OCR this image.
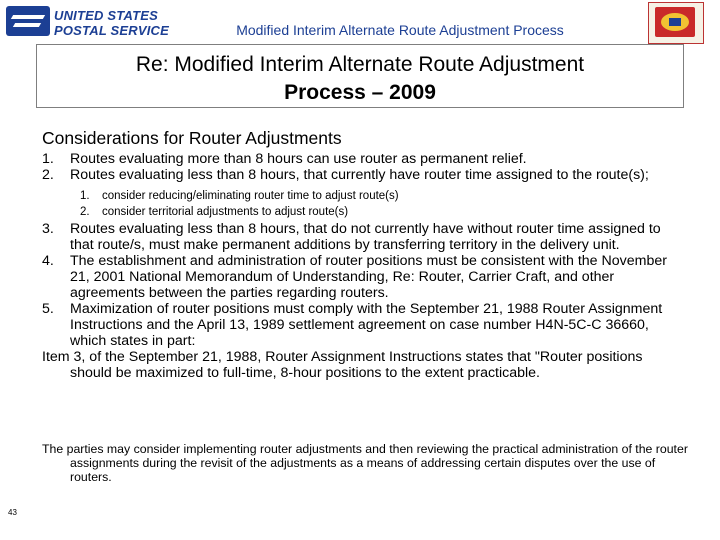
UNITED STATES
POSTAL SERVICE	Modified Interim Alternate Route Adjustment Process
Re: Modified Interim Alternate Route Adjustment
Process – 2009
Considerations for Router Adjustments
1. Routes evaluating more than 8 hours can use router as permanent relief.
2. Routes evaluating less than 8 hours, that currently have router time assigned to the route(s);
1. consider reducing/eliminating router time to adjust route(s)
2. consider territorial adjustments to adjust route(s)
3. Routes evaluating less than 8 hours, that do not currently have without router time assigned to that route/s, must make permanent additions by transferring territory in the delivery unit.
4. The establishment and administration of router positions must be consistent with the November 21, 2001 National Memorandum of Understanding, Re: Router, Carrier Craft, and other agreements between the parties regarding routers.
5. Maximization of router positions must comply with the September 21, 1988 Router Assignment Instructions and the April 13, 1989 settlement agreement on case number H4N-5C-C 36660, which states in part:
Item 3, of the September 21, 1988, Router Assignment Instructions states that "Router positions should be maximized to full-time, 8-hour positions to the extent practicable.
The parties may consider implementing router adjustments and then reviewing the practical administration of the router assignments during the revisit of the adjustments as a means of addressing certain disputes over the use of routers.
43
